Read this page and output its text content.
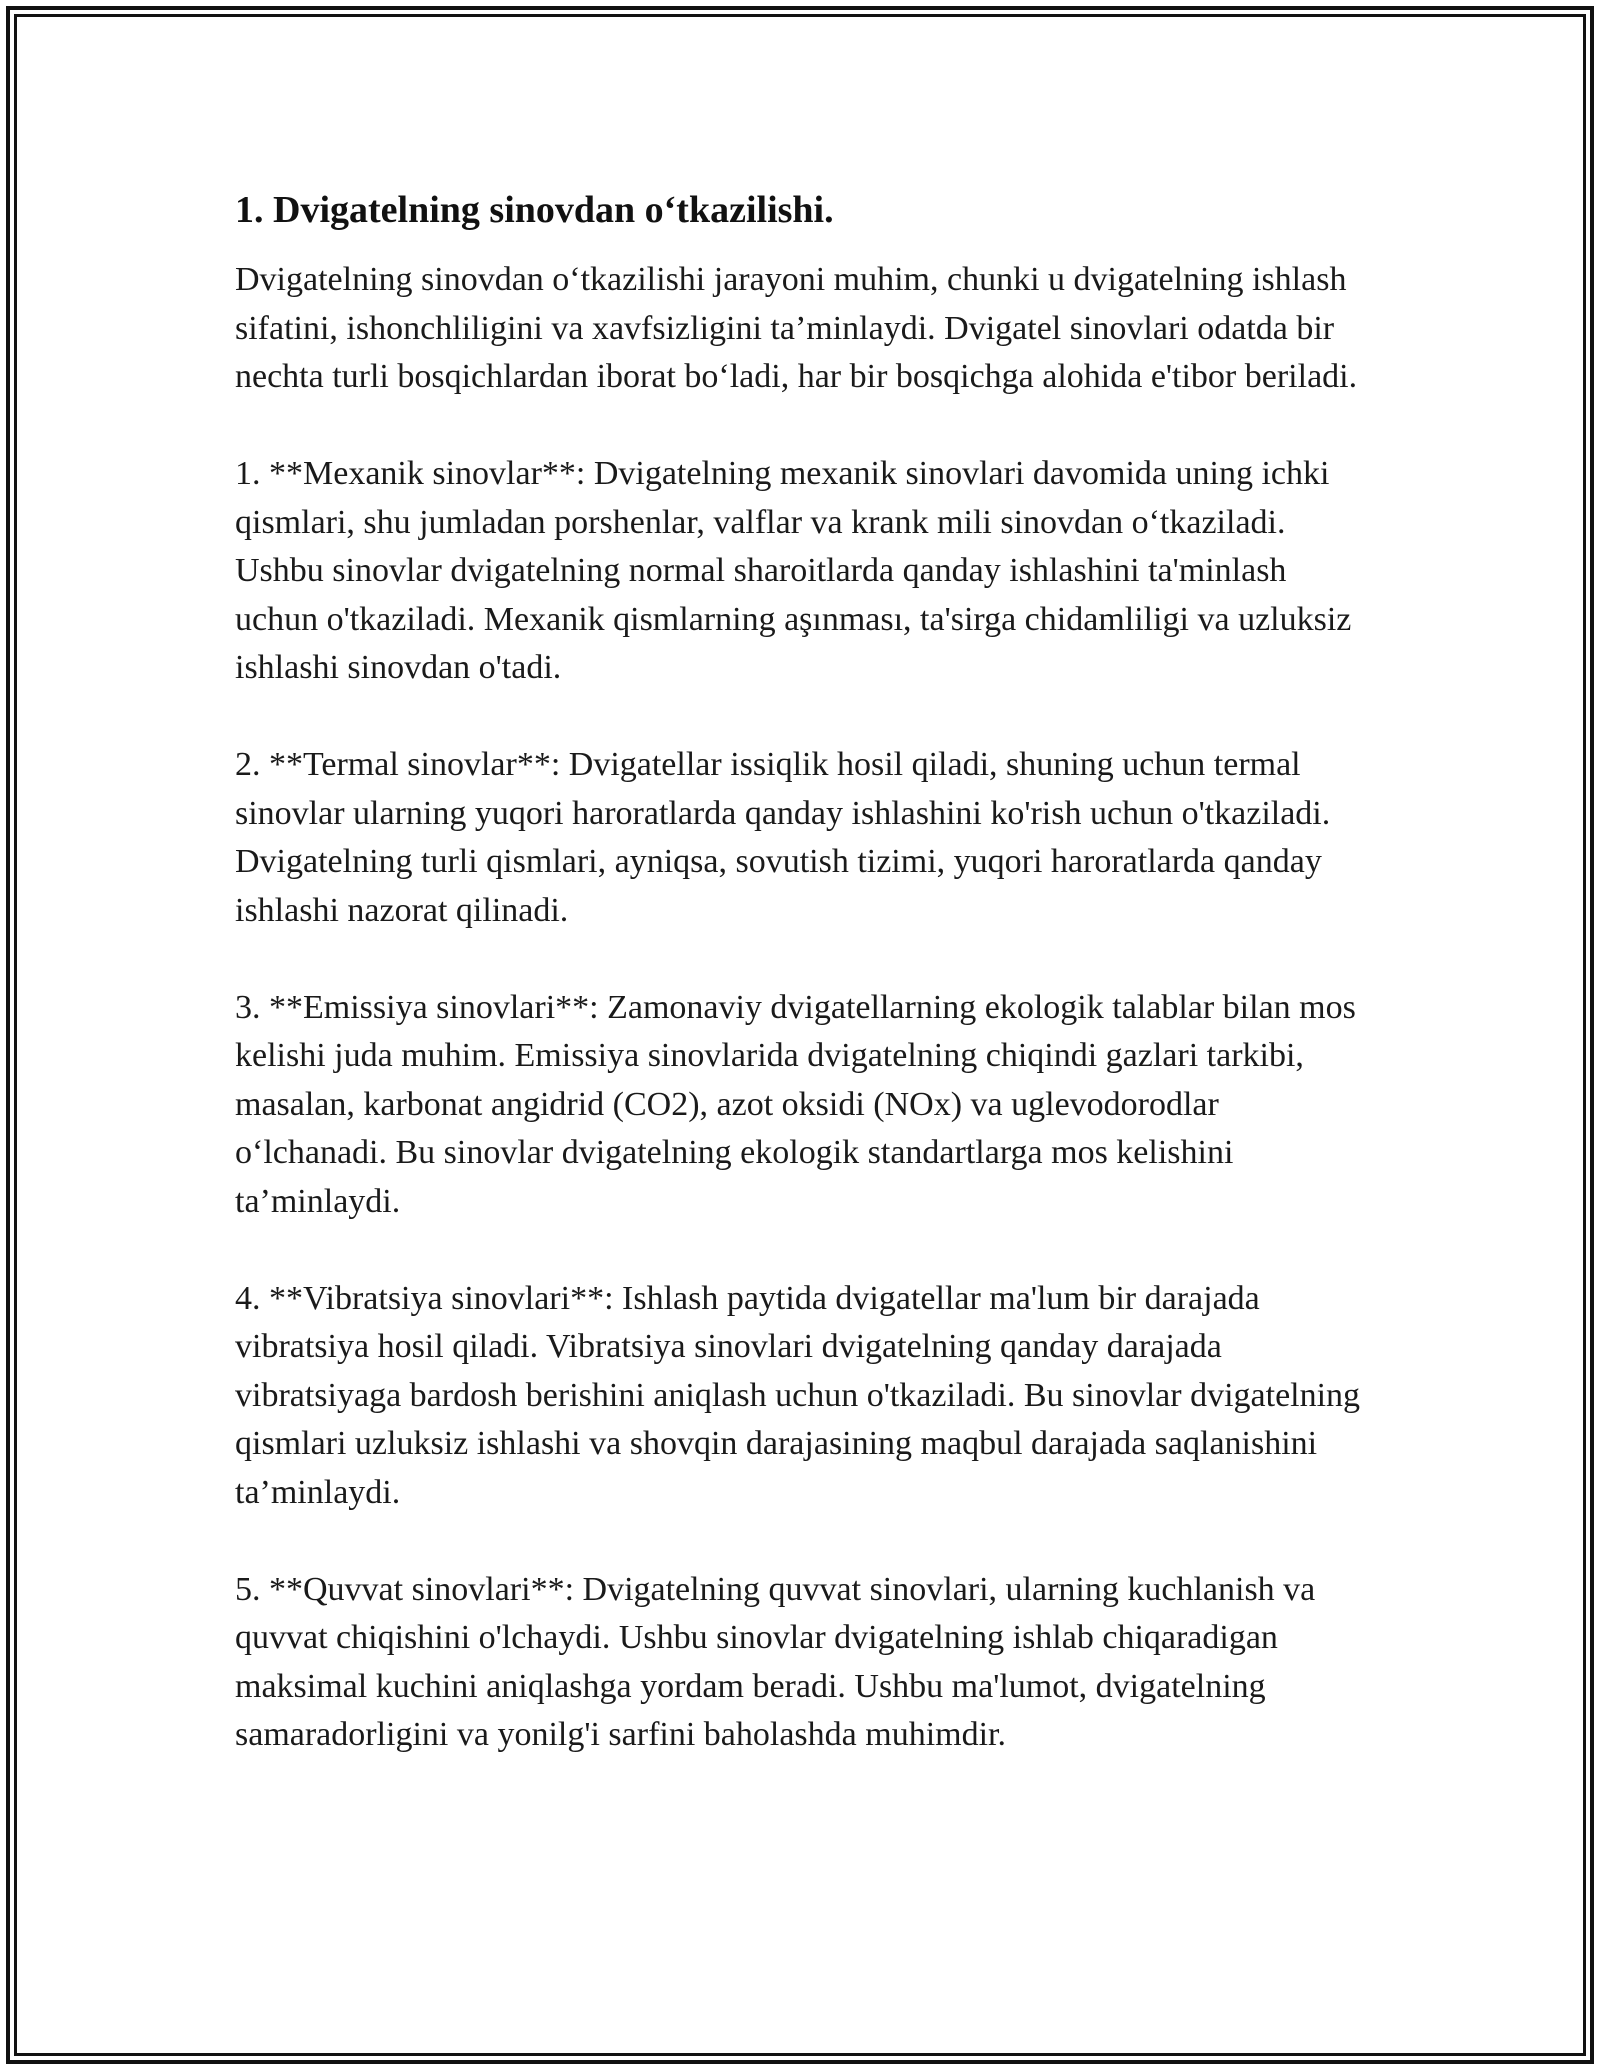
1. Dvigatelning sinovdan o‘tkazilishi.

Dvigatelning sinovdan o‘tkazilishi jarayoni muhim, chunki u dvigatelning ishlash sifatini, ishonchliligini va xavfsizligini ta’minlaydi. Dvigatel sinovlari odatda bir nechta turli bosqichlardan iborat bo‘ladi, har bir bosqichga alohida e'tibor beriladi.

1. **Mexanik sinovlar**: Dvigatelning mexanik sinovlari davomida uning ichki qismlari, shu jumladan porshenlar, valflar va krank mili sinovdan o‘tkaziladi. Ushbu sinovlar dvigatelning normal sharoitlarda qanday ishlashini ta'minlash uchun o'tkaziladi. Mexanik qismlarning aşınması, ta'sirga chidamliligi va uzluksiz ishlashi sinovdan o'tadi.

2. **Termal sinovlar**: Dvigatellar issiqlik hosil qiladi, shuning uchun termal sinovlar ularning yuqori haroratlarda qanday ishlashini ko'rish uchun o'tkaziladi. Dvigatelning turli qismlari, ayniqsa, sovutish tizimi, yuqori haroratlarda qanday ishlashi nazorat qilinadi.

3. **Emissiya sinovlari**: Zamonaviy dvigatellarning ekologik talablar bilan mos kelishi juda muhim. Emissiya sinovlarida dvigatelning chiqindi gazlari tarkibi, masalan, karbonat angidrid (CO2), azot oksidi (NOx) va uglevodorodlar o‘lchanadi. Bu sinovlar dvigatelning ekologik standartlarga mos kelishini ta’minlaydi.

4. **Vibratsiya sinovlari**: Ishlash paytida dvigatellar ma'lum bir darajada vibratsiya hosil qiladi. Vibratsiya sinovlari dvigatelning qanday darajada vibratsiyaga bardosh berishini aniqlash uchun o'tkaziladi. Bu sinovlar dvigatelning qismlari uzluksiz ishlashi va shovqin darajasining maqbul darajada saqlanishini ta’minlaydi.

5. **Quvvat sinovlari**: Dvigatelning quvvat sinovlari, ularning kuchlanish va quvvat chiqishini o'lchaydi. Ushbu sinovlar dvigatelning ishlab chiqaradigan maksimal kuchini aniqlashga yordam beradi. Ushbu ma'lumot, dvigatelning samaradorligini va yonilg'i sarfini baholashda muhimdir.
